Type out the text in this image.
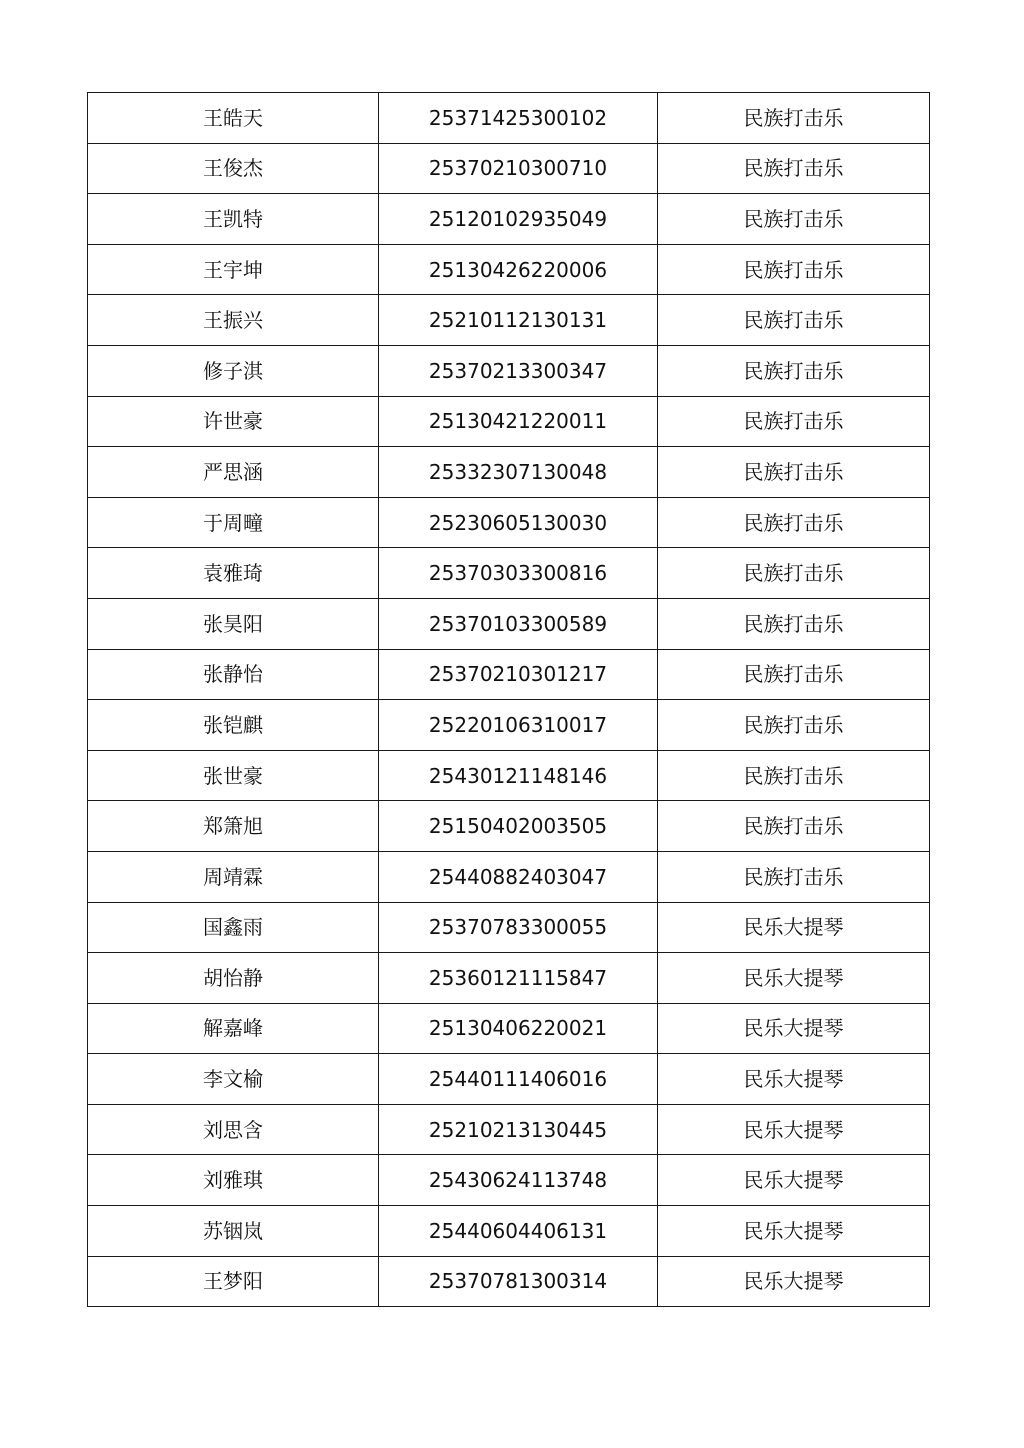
王皓天	25371425300102	民族打击乐
王俊杰	25370210300710	民族打击乐
王凯特	25120102935049	民族打击乐
王宇坤	25130426220006	民族打击乐
王振兴	25210112130131	民族打击乐
修子淇	25370213300347	民族打击乐
许世豪	25130421220011	民族打击乐
严思涵	25332307130048	民族打击乐
于周疃	25230605130030	民族打击乐
袁雅琦	25370303300816	民族打击乐
张昊阳	25370103300589	民族打击乐
张静怡	25370210301217	民族打击乐
张铠麒	25220106310017	民族打击乐
张世豪	25430121148146	民族打击乐
郑箫旭	25150402003505	民族打击乐
周靖霖	25440882403047	民族打击乐
国鑫雨	25370783300055	民乐大提琴
胡怡静	25360121115847	民乐大提琴
解嘉峰	25130406220021	民乐大提琴
李文榆	25440111406016	民乐大提琴
刘思含	25210213130445	民乐大提琴
刘雅琪	25430624113748	民乐大提琴
苏铟岚	25440604406131	民乐大提琴
王梦阳	25370781300314	民乐大提琴
